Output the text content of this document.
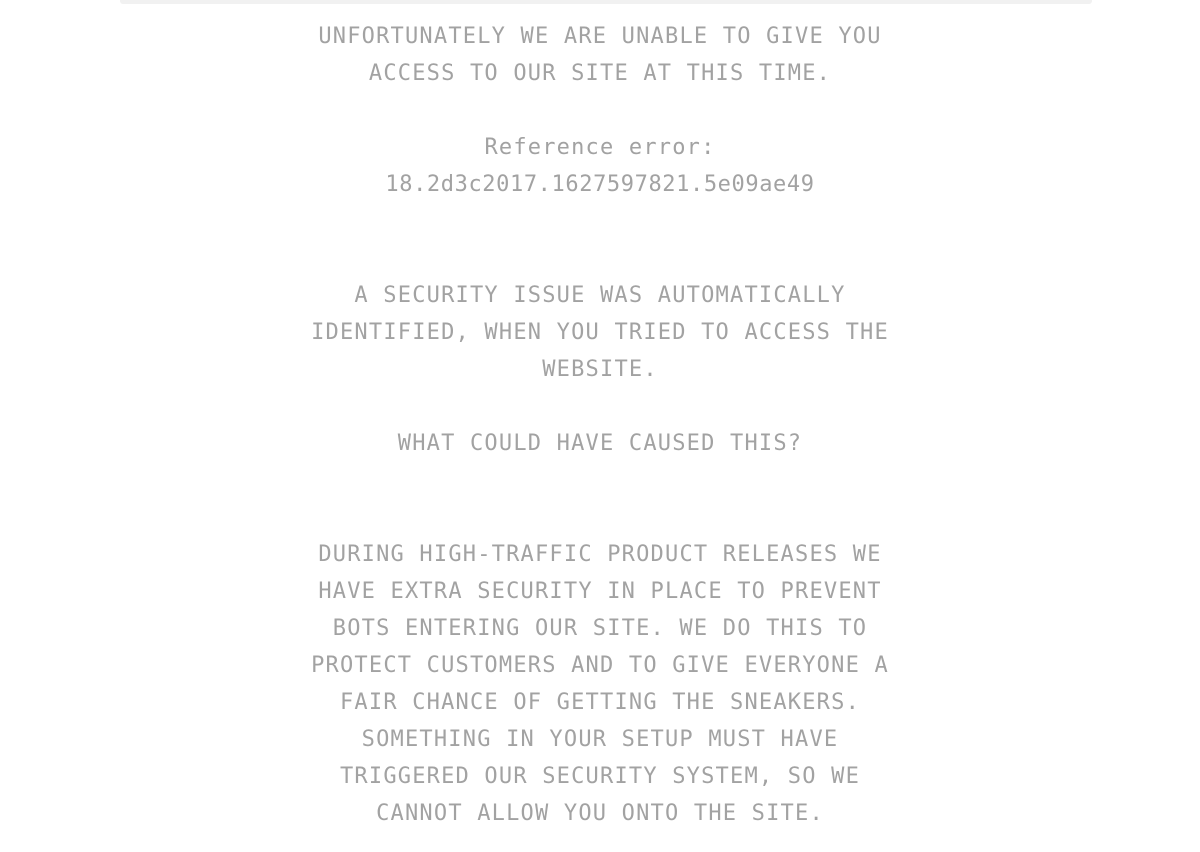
UNFORTUNATELY WE ARE UNABLE TO GIVE YOU ACCESS TO OUR SITE AT THIS TIME.

Reference error:
18.2d3c2017.1627597821.5e09ae49

A SECURITY ISSUE WAS AUTOMATICALLY IDENTIFIED, WHEN YOU TRIED TO ACCESS THE WEBSITE.

WHAT COULD HAVE CAUSED THIS?

DURING HIGH-TRAFFIC PRODUCT RELEASES WE HAVE EXTRA SECURITY IN PLACE TO PREVENT BOTS ENTERING OUR SITE. WE DO THIS TO PROTECT CUSTOMERS AND TO GIVE EVERYONE A FAIR CHANCE OF GETTING THE SNEAKERS. SOMETHING IN YOUR SETUP MUST HAVE TRIGGERED OUR SECURITY SYSTEM, SO WE CANNOT ALLOW YOU ONTO THE SITE.
